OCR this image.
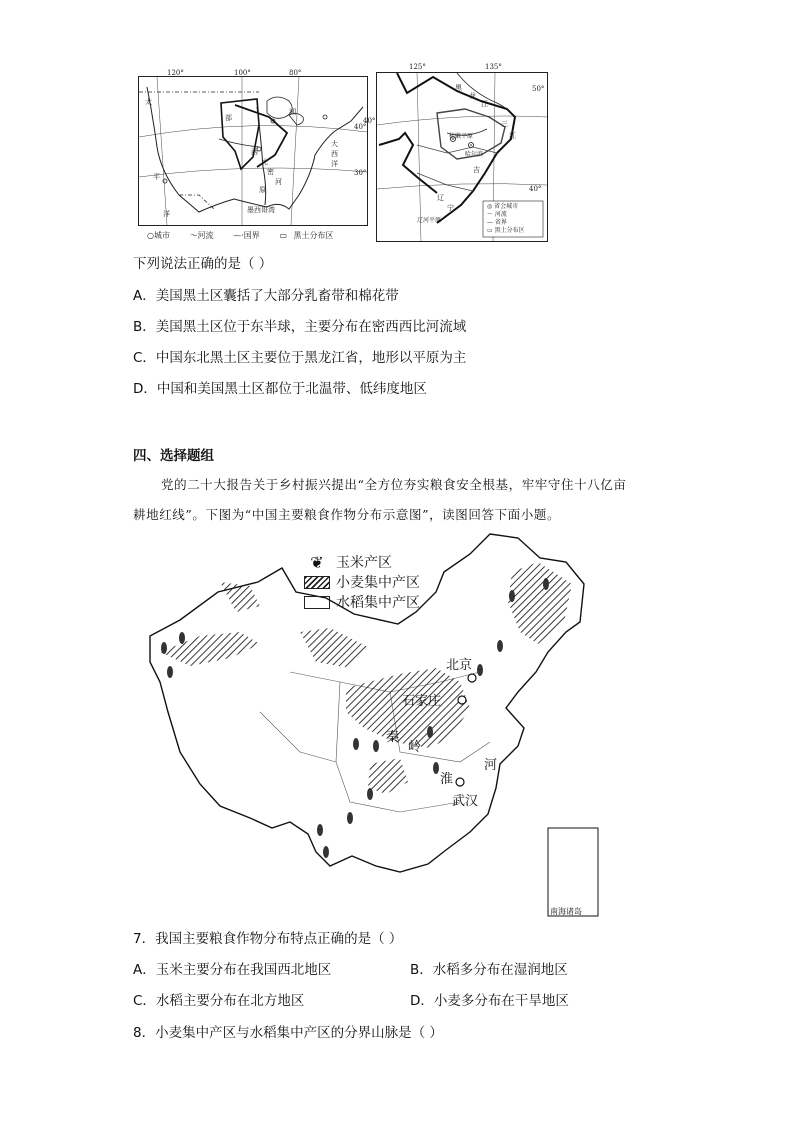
120°	100°	80°
40°
30°
太
平
洋
密
西
比
河
大
西
洋
墨西哥湾
部
原
湖
○城市 ～河流 —·国界 ▭ 黑土分布区
125°	135°
50°
40°
40°
黑
龙
江
松嫩平原
哈尔滨
三
江
吉
辽
宁
辽河平原
◎ 省会城市
～ 河流
— 省界
▭ 黑土分布区
下列说法正确的是（ ）
A．美国黑土区囊括了大部分乳畜带和棉花带
B．美国黑土区位于东半球，主要分布在密西西比河流域
C．中国东北黑土区主要位于黑龙江省，地形以平原为主
D．中国和美国黑土区都位于北温带、低纬度地区
四、选择题组
党的二十大报告关于乡村振兴提出“全方位夯实粮食安全根基，牢牢守住十八亿亩
耕地红线”。下图为“中国主要粮食作物分布示意图”，读图回答下面小题。
❦ 玉米产区
小麦集中产区
水稻集中产区
北京
石家庄
武汉
秦
岭
淮
河
南海诸岛
7．我国主要粮食作物分布特点正确的是（ ）
A．玉米主要分布在我国西北地区	B．水稻多分布在湿润地区
C．水稻主要分布在北方地区	D．小麦多分布在干旱地区
8．小麦集中产区与水稻集中产区的分界山脉是（ ）
